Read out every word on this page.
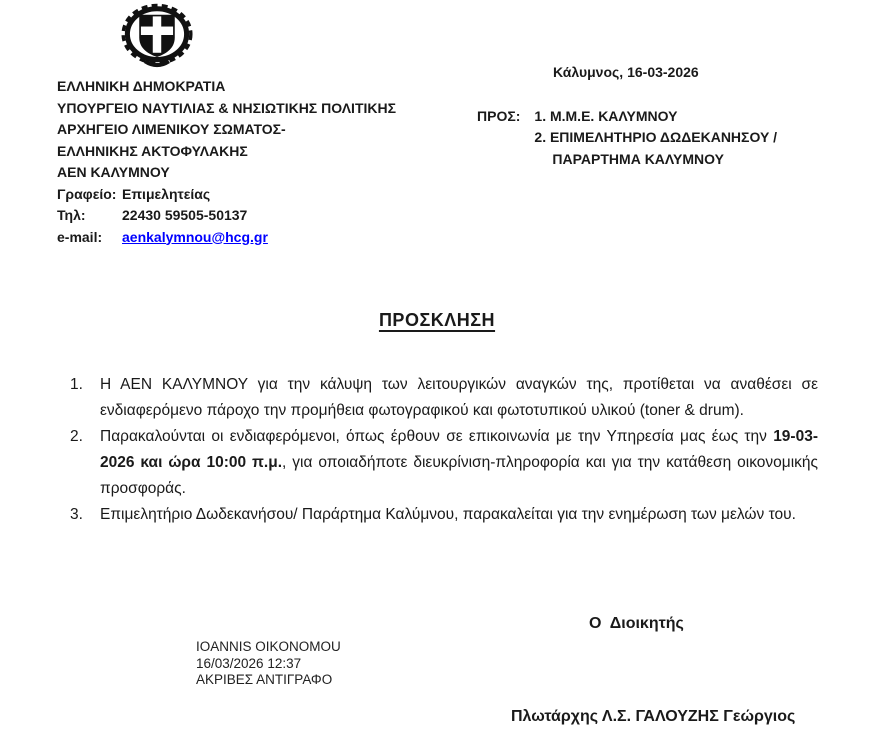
ΕΛΛΗΝΙΚΗ ΔΗΜΟΚΡΑΤΙΑ
ΥΠΟΥΡΓΕΙΟ ΝΑΥΤΙΛΙΑΣ & ΝΗΣΙΩΤΙΚΗΣ ΠΟΛΙΤΙΚΗΣ
ΑΡΧΗΓΕΙΟ ΛΙΜΕΝΙΚΟΥ ΣΩΜΑΤΟΣ-
ΕΛΛΗΝΙΚΗΣ ΑΚΤΟΦΥΛΑΚΗΣ
ΑΕΝ ΚΑΛΥΜΝΟΥ
Γραφείο: Επιμελητείας
Τηλ:	22430 59505-50137
e-mail:	aenkalymnou@hcg.gr
Κάλυμνος, 16-03-2026
ΠΡΟΣ: 1. Μ.Μ.Ε. ΚΑΛΥΜΝΟΥ
2. ΕΠΙΜΕΛΗΤΗΡΙΟ ΔΩΔΕΚΑΝΗΣΟΥ /
ΠΑΡΑΡΤΗΜΑ ΚΑΛΥΜΝΟΥ
ΠΡΟΣΚΛΗΣΗ
1.	Η ΑΕΝ ΚΑΛΥΜΝΟΥ για την κάλυψη των λειτουργικών αναγκών της, προτίθεται να αναθέσει σε ενδιαφερόμενο πάροχο την προμήθεια φωτογραφικού και φωτοτυπικού υλικού (toner & drum).
2.	Παρακαλούνται οι ενδιαφερόμενοι, όπως έρθουν σε επικοινωνία με την Υπηρεσία μας έως την 19-03-2026 και ώρα 10:00 π.μ., για οποιαδήποτε διευκρίνιση-πληροφορία και για την κατάθεση οικονομικής προσφοράς.
3.	Επιμελητήριο Δωδεκανήσου/ Παράρτημα Καλύμνου, παρακαλείται για την ενημέρωση των μελών του.
Ο  Διοικητής
IOANNIS OIKONOMOU
16/03/2026 12:37
ΑΚΡΙΒΕΣ ΑΝΤΙΓΡΑΦΟ
Πλωτάρχης Λ.Σ. ΓΑΛΟΥΖΗΣ Γεώργιος
